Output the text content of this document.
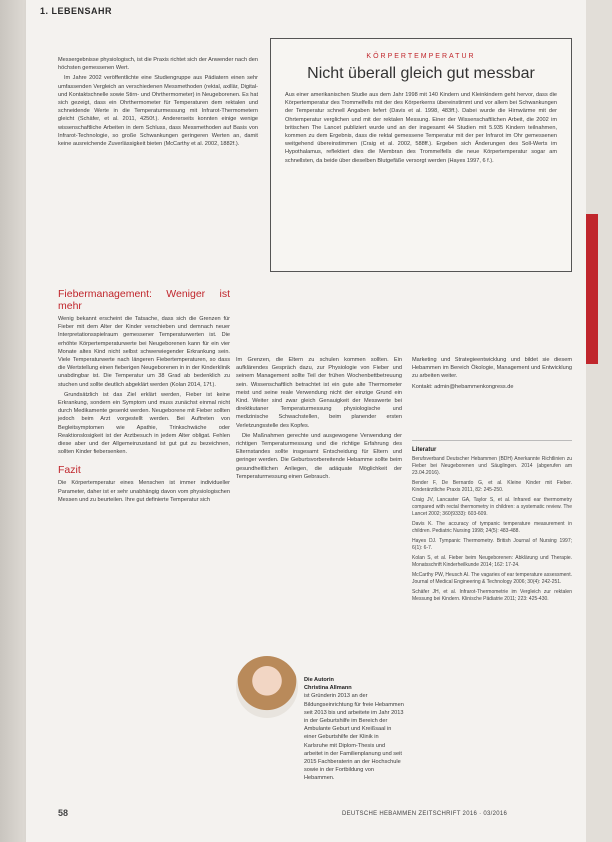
1. LEBENSAHR

Messergebnisse physiologisch, ist die Praxis richtet sich der Anwender nach den höchsten gemessenen Wert.

Im Jahre 2002 veröffentlichte eine Studiengruppe aus Pädiatern einen sehr umfassenden Vergleich an verschiedenen Messmethoden (rektal, axillär, Digital- und Kontaktschnelle sowie Stirn- und Ohrthermometer) in Neugeborenen. Es hat sich gezeigt, dass ein Ohrthermometer für Temperaturen dem rektalen und schneidende Werte in die Temperaturmessung mit Infrarot-Thermometern gleicht (Schäfer, et al. 2011, 4250f.). Andererseits konnten einige wenige wissenschaftliche Arbeiten in dem Schluss, dass Messmethoden auf Basis von Infrarot-Technologie, so große Schwankungen geringeren Werten an, damit keine ausreichende Zuverlässigkeit bieten (McCarthy et al. 2002, 1882f.).

KÖRPERTEMPERATUR
Nicht überall gleich gut messbar
Aus einer amerikanischen Studie aus dem Jahr 1998 mit 140 Kindern und Kleinkindern geht hervor, dass die Körpertemperatur des Trommelfells mit der des Körperkerns übereinstimmt und vor allem bei Schwankungen der Temperatur schnell Angaben liefert (Davis et al. 1998, 483ff.). Dabei wurde die Hirnwärme mit der Ohrtemperatur verglichen und mit der rektalen Messung. Einer der Wissenschaftlichen Arbeit, die 2002 im britischen The Lancet publiziert wurde und an der insgesamt 44 Studien mit 5.935 Kindern teilnahmen, kommen zu dem Ergebnis, dass die rektal gemessene Temperatur mit der per Infrarot im Ohr gemessenen weitgehend übereinstimmen (Craig et al. 2002, 588ff.). Ergeben sich Änderungen des Soll-Werts im Hypothalamus, reflektiert dies die Membran des Trommelfells die neue Körpertemperatur sogar am schnellsten, da beide über dieselben Blutgefäße versorgt werden (Hayes 1997, 6 f.).
Fiebermanagement: Weniger ist mehr

Wenig bekannt erscheint die Tatsache, dass sich die Grenzen für Fieber mit dem Alter der Kinder verschieben und demnach neuer Interpretationsspielraum gemessener Temperaturwerten ist. Die erhöhte Körpertemperaturwerte bei Neugeborenen kann für ein vier Monate altes Kind nicht selbst schwerwiegender Erkrankung sein. Viele Temperaturwerte nach längeren Fiebertemperaturen, so dass die Wertstellung einen fieberigen Neugeborenen in in der Kinderklinik unabdingbar ist. Die Temperatur um 38 Grad ab bedenklich zu stuchen und sollte deutlich abgeklärt werden (Kolan 2014, 17f.).

Grundsätzlich ist das Ziel erklärt werden, Fieber ist keine Erkrankung, sondern ein Symptom und muss zunächst einmal nicht durch Medikamente gesenkt werden. Neugeborene mit Fieber sollten jedoch beim Arzt vorgestellt werden. Bei Auftreten von Begleitsymptomen wie Apathie, Trinkschwäche oder Reaktionslosigkeit ist der Arztbesuch in jedem Alter obligat. Fehlen diese aber und der Allgemeinzustand ist gut gut zu bezeichnen, sollten Kinder fiebersenken.

Fazit

Die Körpertemperatur eines Menschen ist immer individueller Parameter, daher ist er sehr unabhängig davon vom physiologischen Messen und zu beurteilen. Ihre gut definierte Temperatur sich

Im Grenzen, die Eltern zu schulen kommen sollten. Ein aufklärendes Gespräch dazu, zur Physiologie von Fieber und seinem Management sollte Teil der frühen Wochenbettbetreuung sein. Wissenschaftlich betrachtet ist ein gute alte Thermometer meist und seine reale Verwendung nicht der einzige Grund ein Kind. Weiter sind zwar gleich Genauigkeit der Messwerte bei direktkutaner Temperaturmessung physiologische und medizinische Schwachstellen, beim planender ersten Verletzungsstelle des Kopfes.

Die Maßnahmen gerechte und ausgewogene Verwendung der richtigen Temperaturmessung und die richtige Erfahrung des Elternstandes sollte insgesamt Entscheidung für Eltern und geringer werden. Die Geburtsvorbereitende Hebamme sollte beim gesundheitlichen Anliegen, die adäquate Möglichkeit der Temperaturmessung einen Gebrauch.

Die Autorin
Christina Allmann
ist Gründerin 2013 an der Bildungseinrichtung für freie Hebammen seit 2013 bis und arbeitete im Jahr 2013 in der Geburtshilfe im Bereich der Ambulante Geburt und Kreißsaal in einer Geburtshilfe der Klinik in Karlsruhe mit Diplom-Thesis und arbeitet in der Familienplanung und seit 2015 Fachberaterin an der Hochschule sowie in der Fortbildung von Hebammen.

Marketing und Strategieentwicklung und bildet sie diesem Hebammen im Bereich Ökologie, Management und Entwicklung zu arbeiten weiter.

Kontakt: admin@hebammenkongress.de

Literatur
Berufsverband Deutscher Hebammen (BDH) Anerkannte Richtlinien zu Fieber bei Neugeborenen und Säuglingen. 2014 (abgerufen am 23.04.2016).
Bender F, De Bernardo G, et al. Kleine Kinder mit Fieber. Kinderärztliche Praxis 2011, 82: 245-250.
Craig JV, Lancaster GA, Taylor S, et al. Infrared ear thermometry compared with rectal thermometry in children: a systematic review. The Lancet 2002; 360(9333): 603-609.
Davis K. The accuracy of tympanic temperature measurement in children. Pediatric Nursing 1998; 24(5): 483-488.
Hayes DJ. Tympanic Thermometry. British Journal of Nursing 1997; 6(1): 6-7.
Kolan S, et al. Fieber beim Neugeborenen: Abklärung und Therapie. Monatsschrift Kinderheilkunde 2014; 162: 17-24.
McCarthy PW, Heusch AI. The vagaries of ear temperature assessment. Journal of Medical Engineering & Technology 2006; 30(4): 242-251.
Schäfer JH, et al. Infrarot-Thermometrie im Vergleich zur rektalen Messung bei Kindern. Klinische Pädiatrie 2011; 223: 425-430.
58	DEUTSCHE HEBAMMEN ZEITSCHRIFT 2016 · 03/2016
